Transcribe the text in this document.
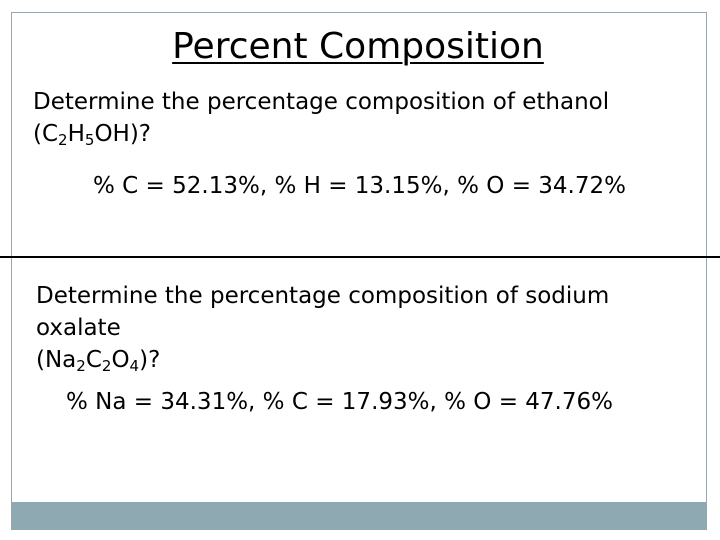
Percent Composition
Determine the percentage composition of ethanol
$(C_2H_5OH)$?
% C = 52.13%, % H = 13.15%, % O = 34.72%
Determine the percentage composition of sodium oxalate
$(Na_2C_2O_4)$?
% Na = 34.31%, % C = 17.93%, % O = 47.76%
